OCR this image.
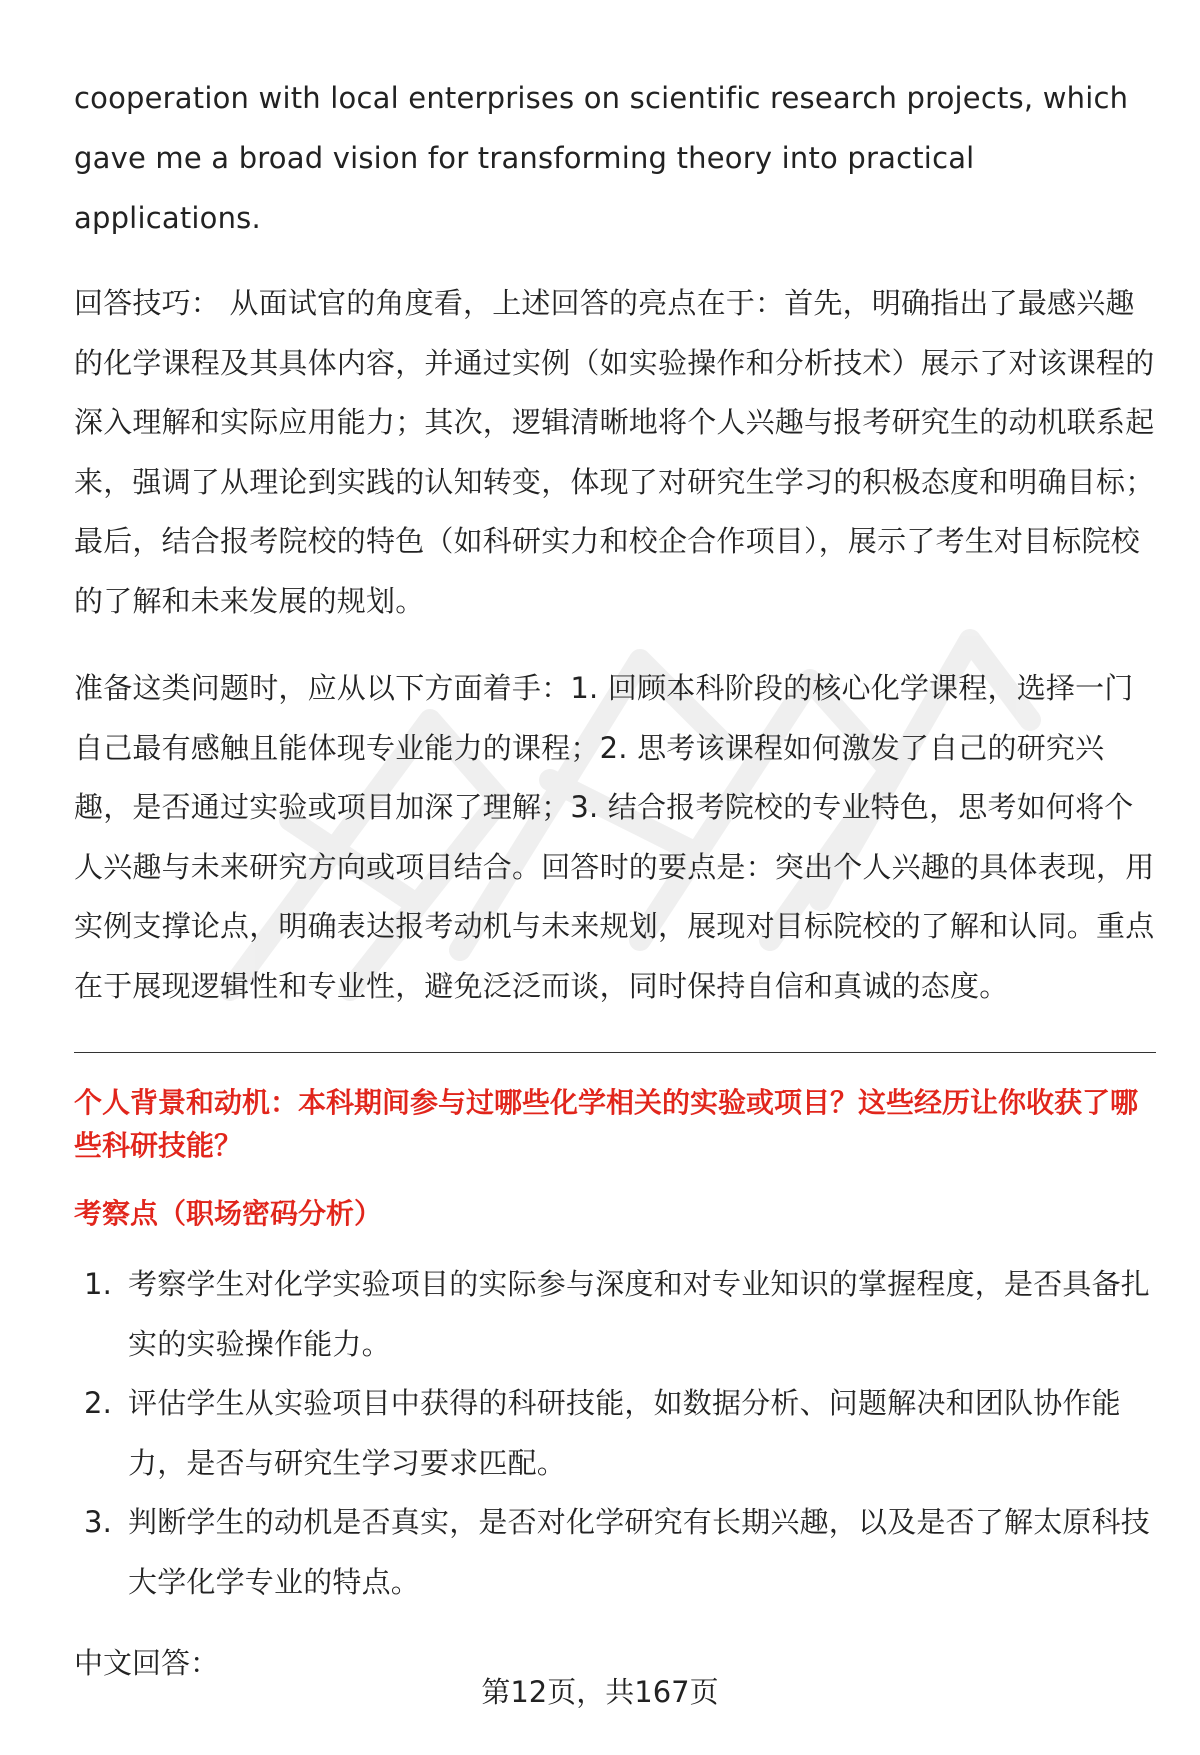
cooperation with local enterprises on scientific research projects, which gave me a broad vision for transforming theory into practical applications.

回答技巧： 从面试官的角度看，上述回答的亮点在于：首先，明确指出了最感兴趣的化学课程及其具体内容，并通过实例（如实验操作和分析技术）展示了对该课程的深入理解和实际应用能力；其次，逻辑清晰地将个人兴趣与报考研究生的动机联系起来，强调了从理论到实践的认知转变，体现了对研究生学习的积极态度和明确目标；最后，结合报考院校的特色（如科研实力和校企合作项目），展示了考生对目标院校的了解和未来发展的规划。

准备这类问题时，应从以下方面着手：1. 回顾本科阶段的核心化学课程，选择一门自己最有感触且能体现专业能力的课程；2. 思考该课程如何激发了自己的研究兴趣，是否通过实验或项目加深了理解；3. 结合报考院校的专业特色，思考如何将个人兴趣与未来研究方向或项目结合。回答时的要点是：突出个人兴趣的具体表现，用实例支撑论点，明确表达报考动机与未来规划，展现对目标院校的了解和认同。重点在于展现逻辑性和专业性，避免泛泛而谈，同时保持自信和真诚的态度。

个人背景和动机：本科期间参与过哪些化学相关的实验或项目？这些经历让你收获了哪些科研技能？

考察点（职场密码分析）

1. 考察学生对化学实验项目的实际参与深度和对专业知识的掌握程度，是否具备扎实的实验操作能力。
2. 评估学生从实验项目中获得的科研技能，如数据分析、问题解决和团队协作能力，是否与研究生学习要求匹配。
3. 判断学生的动机是否真实，是否对化学研究有长期兴趣，以及是否了解太原科技大学化学专业的特点。

中文回答：

第12页，共167页
